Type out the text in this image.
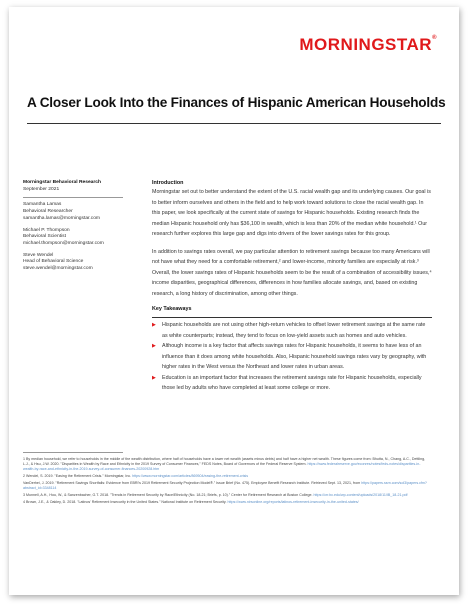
MORNINGSTAR®
A Closer Look Into the Finances of Hispanic American Households
Morningstar Behavioral Research
September 2021
Samantha Lamas
Behavioral Researcher
samantha.lamas@morningstar.com
Michael P. Thompson
Behavioral Scientist
michael.thompson@morningstar.com
Steve Wendel
Head of Behavioral Science
steve.wendel@morningstar.com
Introduction

Morningstar set out to better understand the extent of the U.S. racial wealth gap and its underlying causes. Our goal is to better inform ourselves and others in the field and to help work toward solutions to close the racial wealth gap. In this paper, we look specifically at the current state of savings for Hispanic households. Existing research finds the median Hispanic household only has $36,100 in wealth, which is less than 20% of the median white household.¹ Our research further explores this large gap and digs into drivers of the lower savings rates for this group.

In addition to savings rates overall, we pay particular attention to retirement savings because too many Americans will not have what they need for a comfortable retirement,² and lower-income, minority families are especially at risk.³ Overall, the lower savings rates of Hispanic households seem to be the result of a combination of accessibility issues,⁴ income disparities, geographical differences, differences in how families allocate savings, and, based on existing research, a long history of discrimination, among other things.

Key Takeaways
▶ Hispanic households are not using other high-return vehicles to offset lower retirement savings at the same rate as white counterparts; instead, they tend to focus on low-yield assets such as homes and auto vehicles.
▶ Although income is a key factor that affects savings rates for Hispanic households, it seems to have less of an influence than it does among white households. Also, Hispanic household savings rates vary by geography, with higher rates in the West versus the Northeast and lower rates in urban areas.
▶ Education is an important factor that increases the retirement savings rate for Hispanic households, especially those led by adults who have completed at least some college or more.
1 By median household, we refer to households in the middle of the wealth distribution, where half of households have a lower net wealth (assets minus debts) and half have a higher net wealth. These figures come from: Bhutta, N., Chang, A.C., Dettling, L.J., & Hsu, J.W. 2020. "Disparities in Wealth by Race and Ethnicity in the 2019 Survey of Consumer Finances," FEDS Notes, Board of Governors of the Federal Reserve System. https://www.federalreserve.gov/econres/notes/feds-notes/disparities-in-wealth-by-race-and-ethnicity-in-the-2019-survey-of-consumer-finances-20200928.htm
2 Wendel, S. 2019. "Easing the Retirement Crisis." Morningstar, Inc. https://www.morningstar.com/articles/869504/easing-the-retirement-crisis
VanDerhei, J. 2019. "Retirement Savings Shortfalls: Evidence from EBRI's 2019 Retirement Security Projection Model®." Issue Brief (No. 475). Employee Benefit Research Institute. Retrieved Sept. 13, 2021, from https://papers.ssrn.com/sol3/papers.cfm?abstract_id=3348114
3 Munnell, A.H., Hou, W., & Sanzenbacher, G.T. 2018. "Trends in Retirement Security by Race/Ethnicity (No. 18-21; Briefs, p. 10)." Center for Retirement Research at Boston College. https://crr.bc.edu/wp-content/uploads/2018/11/IB_18-21.pdf
4 Brown, J.E., & Oakley, D. 2018. "Latinos' Retirement Insecurity in the United States." National Institute on Retirement Security. https://www.nirsonline.org/reports/latinos-retirement-insecurity-in-the-united-states/
